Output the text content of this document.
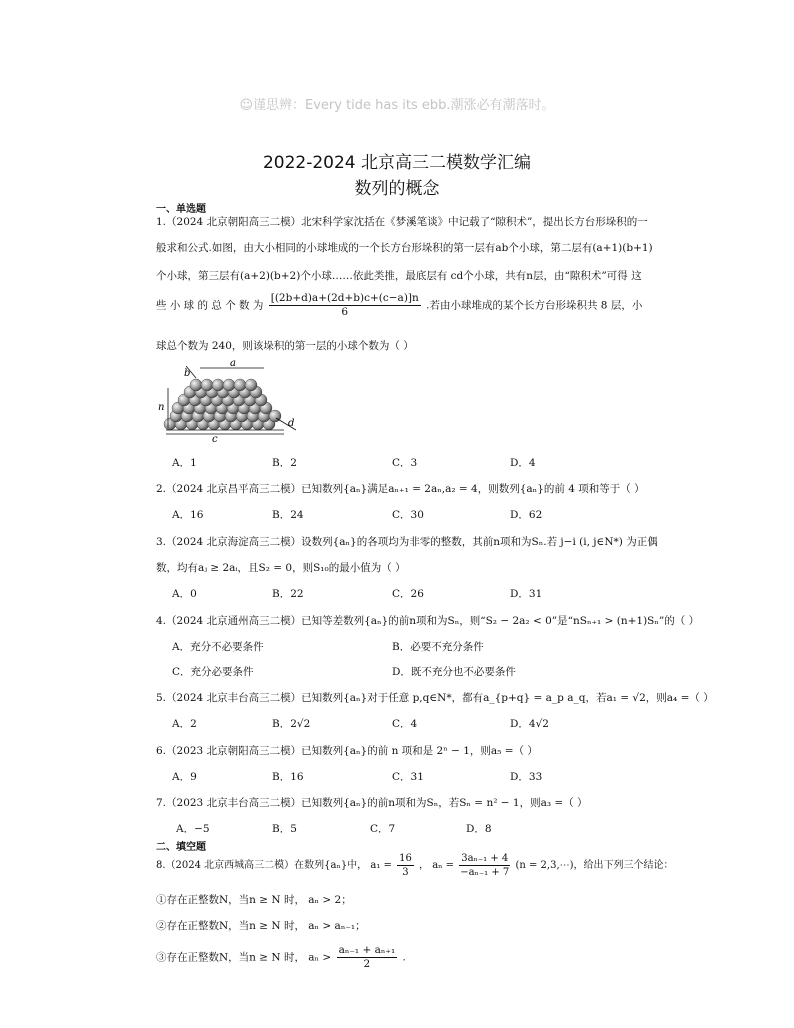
☺谨思辨：Every tide has its ebb.潮涨必有潮落时。
2022-2024 北京高三二模数学汇编
数列的概念
一、单选题
1.（2024 北京朝阳高三二模）北宋科学家沈括在《梦溪笔谈》中记载了“隙积术”，提出长方台形垛积的一
般求和公式.如图，由大小相同的小球堆成的一个长方台形垛积的第一层有ab个小球，第二层有(a+1)(b+1)
个小球，第三层有(a+2)(b+2)个小球……依此类推，最底层有 cd个小球，共有n层，由“隙积术”可得 这
些 小 球 的 总 个 数 为 $\frac{[(2b+d)a+(2d+b)c+(c-a)]n}{6}$ .若由小球堆成的某个长方台形垛积共 8 层，小
球总个数为 240，则该垛积的第一层的小球个数为（ ）
a
b
n
c
d
A．1	B．2	C．3	D．4
2.（2024 北京昌平高三二模）已知数列{aₙ}满足aₙ₊₁ = 2aₙ,a₂ = 4，则数列{aₙ}的前 4 项和等于（ ）
A．16	B．24	C．30	D．62
3.（2024 北京海淀高三二模）设数列{aₙ}的各项均为非零的整数，其前n项和为Sₙ.若 j−i (i, j∈N*) 为正偶
数，均有aⱼ ≥ 2aᵢ，且S₂ = 0，则S₁₀的最小值为（ ）
A．0	B．22	C．26	D．31
4.（2024 北京通州高三二模）已知等差数列{aₙ}的前n项和为Sₙ，则“S₂ − 2a₂ < 0”是“nSₙ₊₁ > (n+1)Sₙ”的（ ）
A．充分不必要条件	B．必要不充分条件
C．充分必要条件	D．既不充分也不必要条件
5.（2024 北京丰台高三二模）已知数列{aₙ}对于任意 p,q∈N*，都有a_{p+q} = a_p a_q，若a₁ = √2，则a₄ =（ ）
A．2	B．2√2	C．4	D．4√2
6.（2023 北京朝阳高三二模）已知数列{aₙ}的前 n 项和是 2ⁿ − 1，则a₅ =（ ）
A．9	B．16	C．31	D．33
7.（2023 北京丰台高三二模）已知数列{aₙ}的前n项和为Sₙ，若Sₙ = n² − 1，则a₃ =（ ）
A．−5	B．5	C．7	D．8
二、填空题
8.（2024 北京西城高三二模）在数列{aₙ}中， $a_1 = \frac{16}{3}$ ， $a_n = \frac{\text{3aₙ₋₁ + 4}}{\text{−aₙ₋₁ + 7}} (n$ = 2,3,⋯)，给出下列三个结论：
①存在正整数N，当n ≥ N 时， aₙ > 2；
②存在正整数N，当n ≥ N 时， aₙ > aₙ₋₁；
③存在正整数N，当n ≥ N 时， $a_n > \frac{\text{aₙ₋₁ + aₙ₊₁}}{2}$ .
